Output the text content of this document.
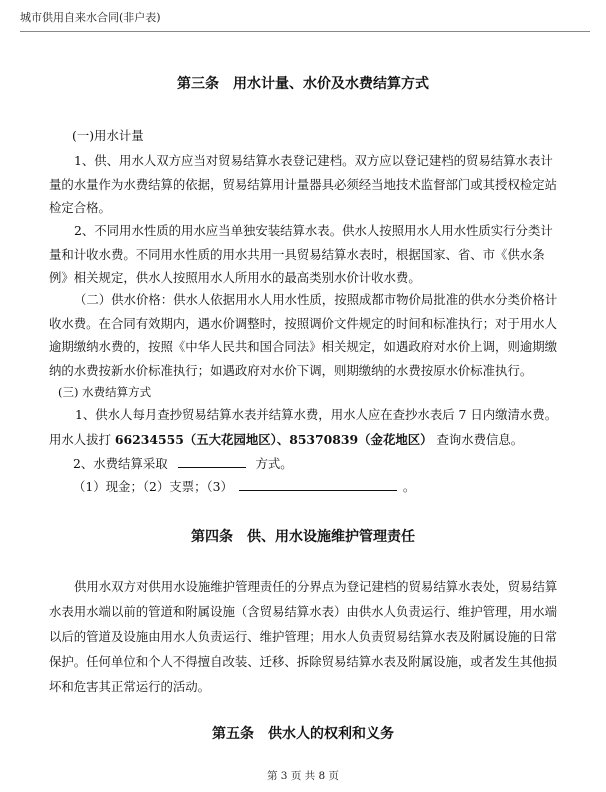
城市供用自来水合同(非户表)
第三条　用水计量、水价及水费结算方式
(一)用水计量
1、供、用水人双方应当对贸易结算水表登记建档。双方应以登记建档的贸易结算水表计量的水量作为水费结算的依据，贸易结算用计量器具必须经当地技术监督部门或其授权检定站检定合格。
2、不同用水性质的用水应当单独安装结算水表。供水人按照用水人用水性质实行分类计量和计收水费。不同用水性质的用水共用一具贸易结算水表时，根据国家、省、市《供水条例》相关规定，供水人按照用水人所用水的最高类别水价计收水费。
（二）供水价格：供水人依据用水人用水性质，按照成都市物价局批准的供水分类价格计收水费。在合同有效期内，遇水价调整时，按照调价文件规定的时间和标准执行；对于用水人逾期缴纳水费的，按照《中华人民共和国合同法》相关规定，如遇政府对水价上调，则逾期缴纳的水费按新水价标准执行；如遇政府对水价下调，则期缴纳的水费按原水价标准执行。
(三) 水费结算方式
1、供水人每月查抄贸易结算水表并结算水费，用水人应在查抄水表后 7 日内缴清水费。
用水人拔打 66234555（五大花园地区）、85370839（金花地区） 查询水费信息。
2、水费结算采取	方式。
（1）现金；（2）支票；（3）	。
第四条　供、用水设施维护管理责任
供用水双方对供用水设施维护管理责任的分界点为登记建档的贸易结算水表处，贸易结算水表用水端以前的管道和附属设施（含贸易结算水表）由供水人负责运行、维护管理，用水端以后的管道及设施由用水人负责运行、维护管理；用水人负责贸易结算水表及附属设施的日常保护。任何单位和个人不得擅自改装、迁移、拆除贸易结算水表及附属设施，或者发生其他损坏和危害其正常运行的活动。
第五条　供水人的权利和义务
第 3 页 共 8 页
